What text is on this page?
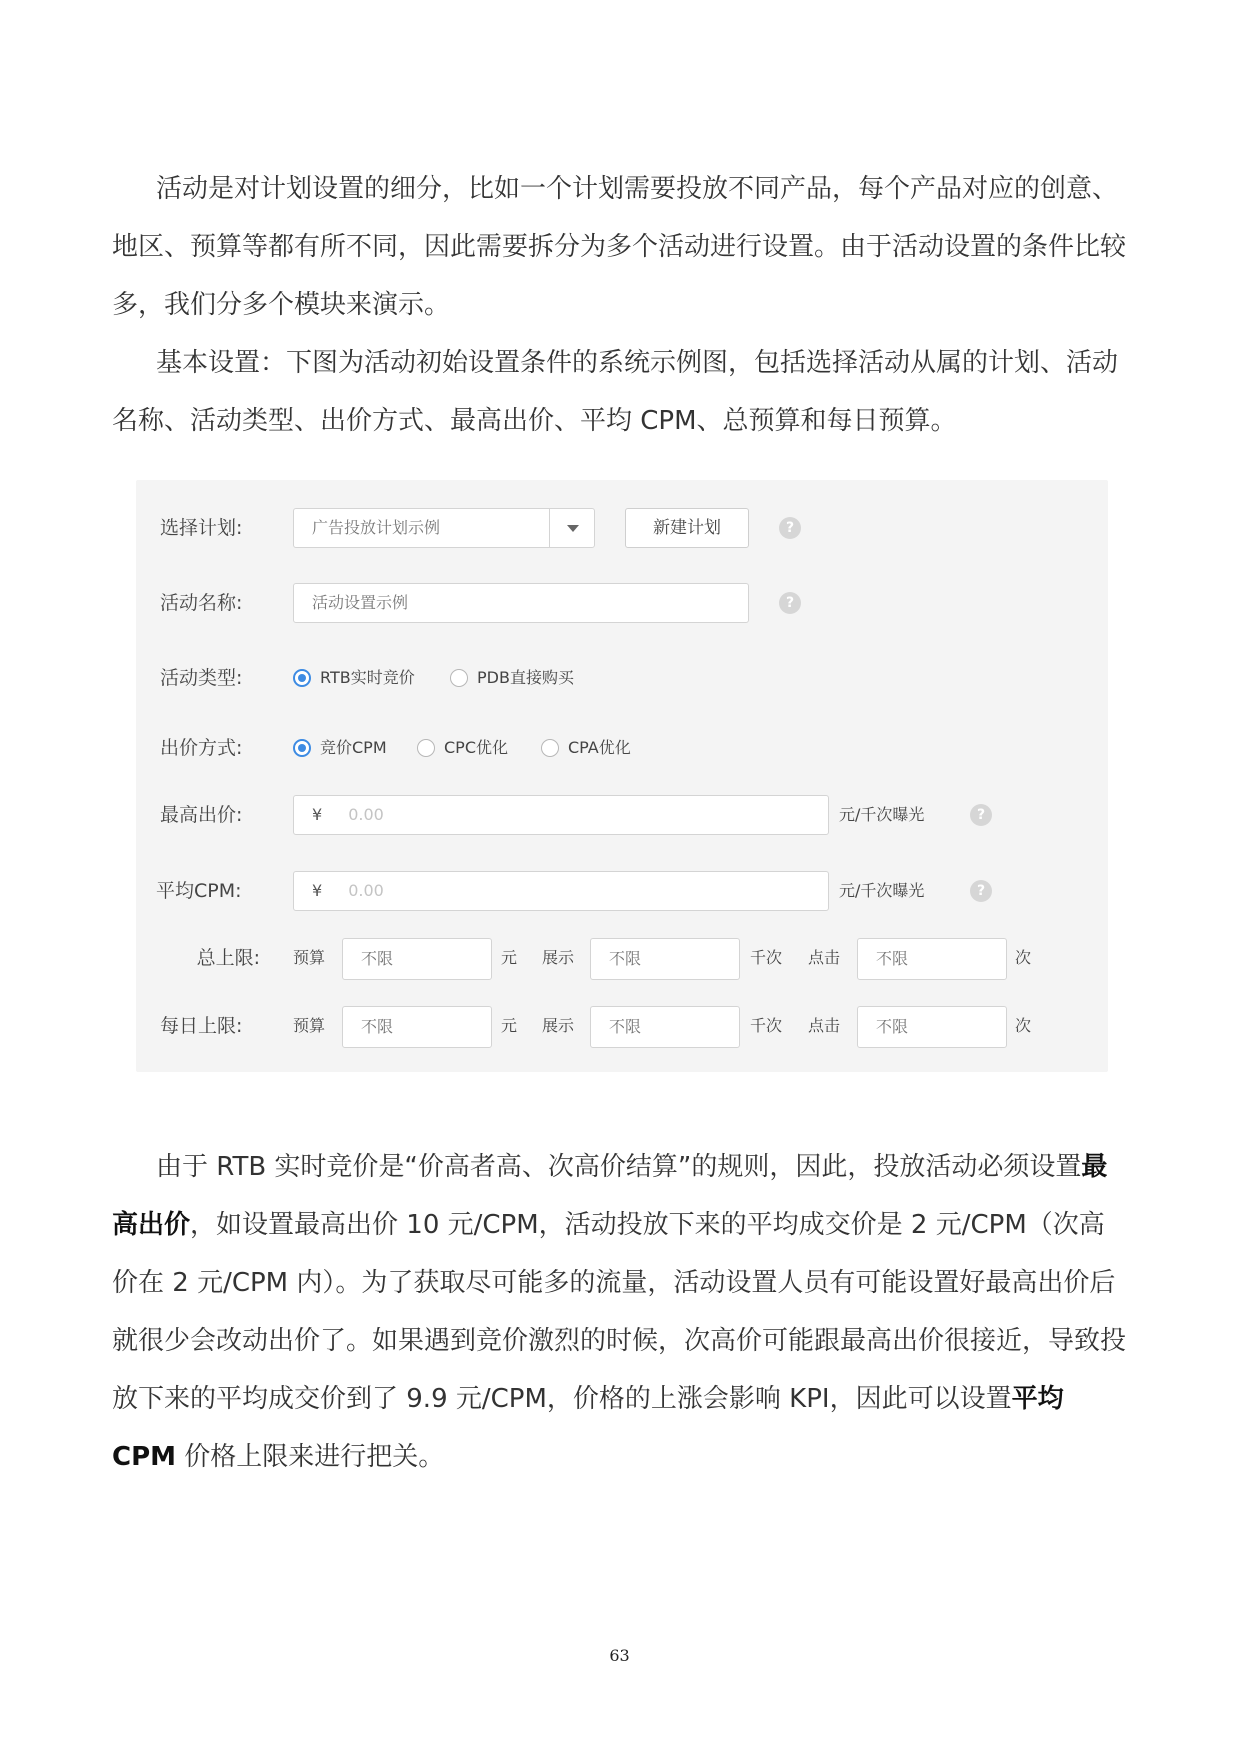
活动是对计划设置的细分，比如一个计划需要投放不同产品，每个产品对应的创意、地区、预算等都有所不同，因此需要拆分为多个活动进行设置。由于活动设置的条件比较多，我们分多个模块来演示。

基本设置：下图为活动初始设置条件的系统示例图，包括选择活动从属的计划、活动名称、活动类型、出价方式、最高出价、平均 CPM、总预算和每日预算。

选择计划:	广告投放计划示例	新建计划	?
活动名称:	活动设置示例	?
活动类型:	RTB实时竞价	PDB直接购买
出价方式:	竞价CPM	CPC优化	CPA优化
最高出价:	¥ 0.00	元/千次曝光	?
平均CPM:	¥ 0.00	元/千次曝光	?
总上限: 预算	不限	元 展示	不限	千次 点击	不限	次
每日上限:	预算	不限	元 展示	不限	千次 点击	不限	次

由于 RTB 实时竞价是“价高者高、次高价结算”的规则，因此，投放活动必须设置最高出价，如设置最高出价 10 元/CPM，活动投放下来的平均成交价是 2 元/CPM（次高价在 2 元/CPM 内）。为了获取尽可能多的流量，活动设置人员有可能设置好最高出价后就很少会改动出价了。如果遇到竞价激烈的时候，次高价可能跟最高出价很接近，导致投放下来的平均成交价到了 9.9 元/CPM，价格的上涨会影响 KPI，因此可以设置平均 CPM 价格上限来进行把关。

63
